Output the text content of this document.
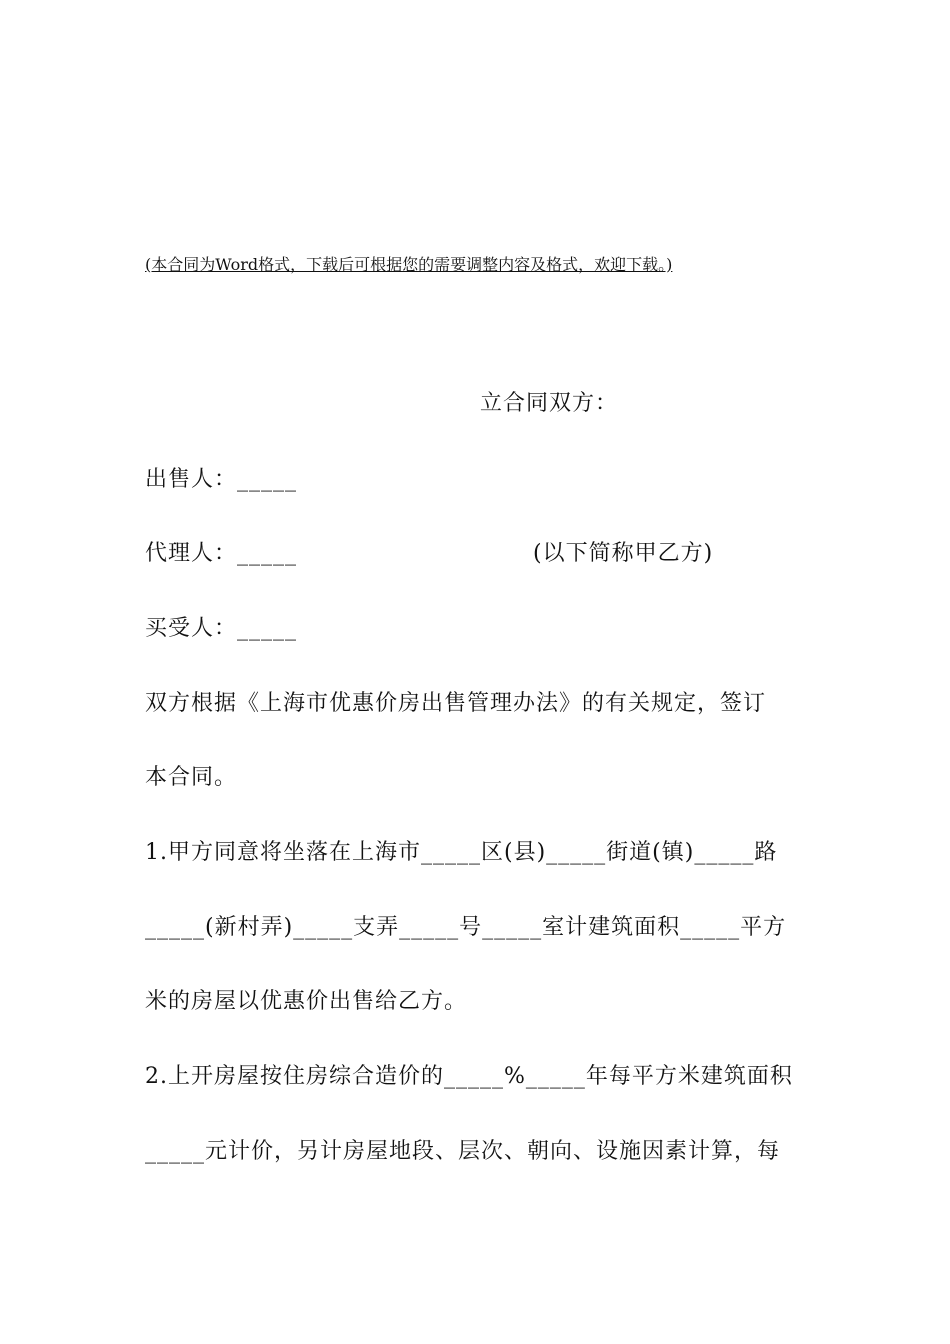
(本合同为Word格式，下载后可根据您的需要调整内容及格式，欢迎下载。)
立合同双方：
出售人：_____
代理人：_____	(以下简称甲乙方)
买受人：_____
双方根据《上海市优惠价房出售管理办法》的有关规定，签订
本合同。
1.甲方同意将坐落在上海市_____区(县)_____街道(镇)_____路
_____(新村弄)_____支弄_____号_____室计建筑面积_____平方
米的房屋以优惠价出售给乙方。
2.上开房屋按住房综合造价的_____%_____年每平方米建筑面积
_____元计价，另计房屋地段、层次、朝向、设施因素计算，每
